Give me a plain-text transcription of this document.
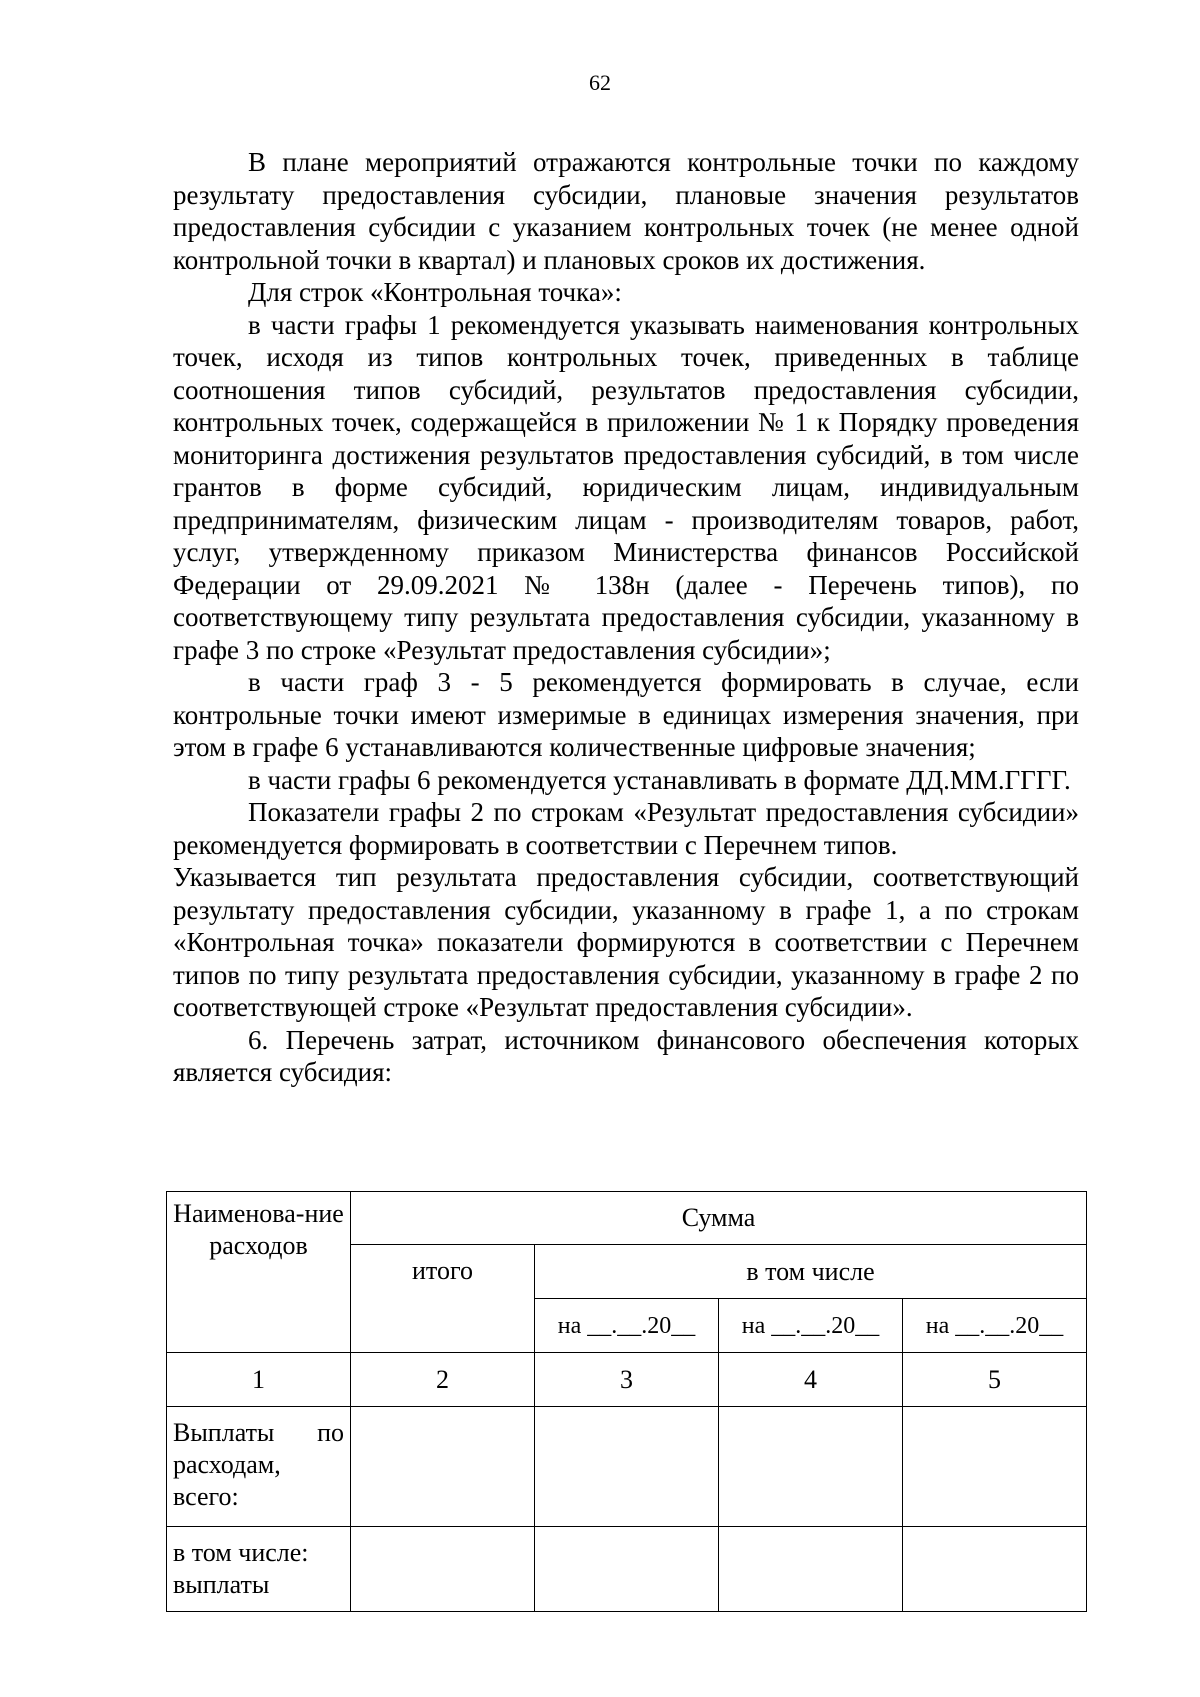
62

В плане мероприятий отражаются контрольные точки по каждому результату предоставления субсидии, плановые значения результатов предоставления субсидии с указанием контрольных точек (не менее одной контрольной точки в квартал) и плановых сроков их достижения.

Для строк «Контрольная точка»:

в части графы 1 рекомендуется указывать наименования контрольных точек, исходя из типов контрольных точек, приведенных в таблице соотношения типов субсидий, результатов предоставления субсидии, контрольных точек, содержащейся в приложении № 1 к Порядку проведения мониторинга достижения результатов предоставления субсидий, в том числе грантов в форме субсидий, юридическим лицам, индивидуальным предпринимателям, физическим лицам - производителям товаров, работ, услуг, утвержденному приказом Министерства финансов Российской Федерации от 29.09.2021 № 138н (далее - Перечень типов), по соответствующему типу результата предоставления субсидии, указанному в графе 3 по строке «Результат предоставления субсидии»;

в части граф 3 - 5 рекомендуется формировать в случае, если контрольные точки имеют измеримые в единицах измерения значения, при этом в графе 6 устанавливаются количественные цифровые значения;

в части графы 6 рекомендуется устанавливать в формате ДД.ММ.ГГГГ.

Показатели графы 2 по строкам «Результат предоставления субсидии» рекомендуется формировать в соответствии с Перечнем типов.

Указывается тип результата предоставления субсидии, соответствующий результату предоставления субсидии, указанному в графе 1, а по строкам «Контрольная точка» показатели формируются в соответствии с Перечнем типов по типу результата предоставления субсидии, указанному в графе 2 по соответствующей строке «Результат предоставления субсидии».

6. Перечень затрат, источником финансового обеспечения которых является субсидия:

Наименова-ние расходов	Сумма			
	итого	в том числе		
		на __.__.20__	на __.__.20__	на __.__.20__
1	2	3	4	5
Выплаты по расходам, всего:				
в том числе: выплаты				
